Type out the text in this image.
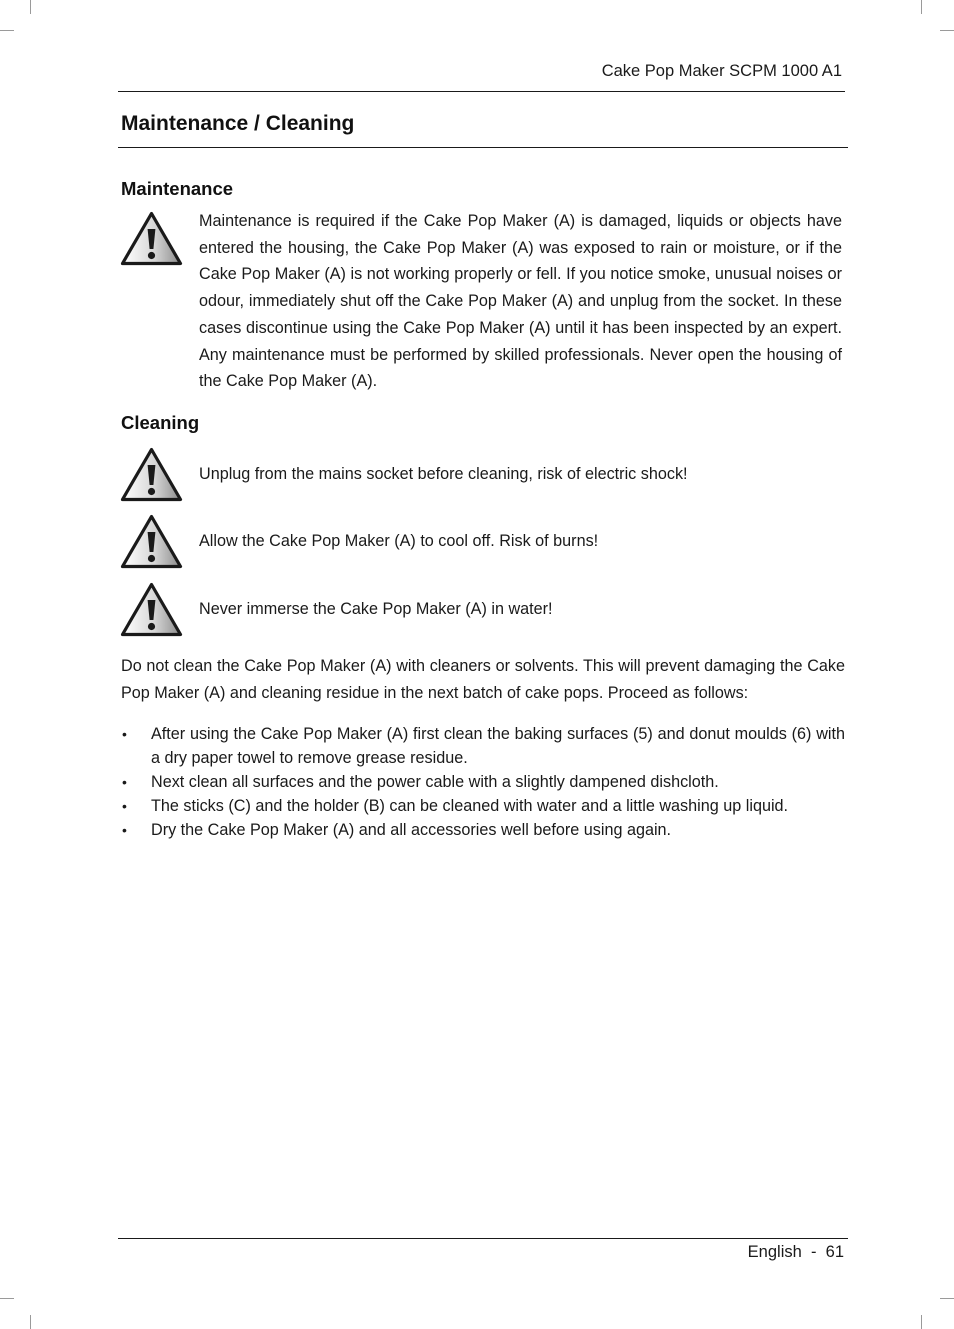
Cake Pop Maker SCPM 1000 A1
Maintenance / Cleaning
Maintenance

Maintenance is required if the Cake Pop Maker (A) is damaged, liquids or objects have entered the housing, the Cake Pop Maker (A) was exposed to rain or moisture, or if the Cake Pop Maker (A) is not working properly or fell. If you notice smoke, unusual noises or odour, immediately shut off the Cake Pop Maker (A) and unplug from the socket. In these cases discontinue using the Cake Pop Maker (A) until it has been inspected by an expert. Any maintenance must be performed by skilled professionals. Never open the housing of the Cake Pop Maker (A).

Cleaning

Unplug from the mains socket before cleaning, risk of electric shock!

Allow the Cake Pop Maker (A) to cool off. Risk of burns!

Never immerse the Cake Pop Maker (A) in water!

Do not clean the Cake Pop Maker (A) with cleaners or solvents. This will prevent damaging the Cake Pop Maker (A) and cleaning residue in the next batch of cake pops. Proceed as follows:

• After using the Cake Pop Maker (A) first clean the baking surfaces (5) and donut moulds (6) with a dry paper towel to remove grease residue.
• Next clean all surfaces and the power cable with a slightly dampened dishcloth.
• The sticks (C) and the holder (B) can be cleaned with water and a little washing up liquid.
• Dry the Cake Pop Maker (A) and all accessories well before using again.
English - 61
